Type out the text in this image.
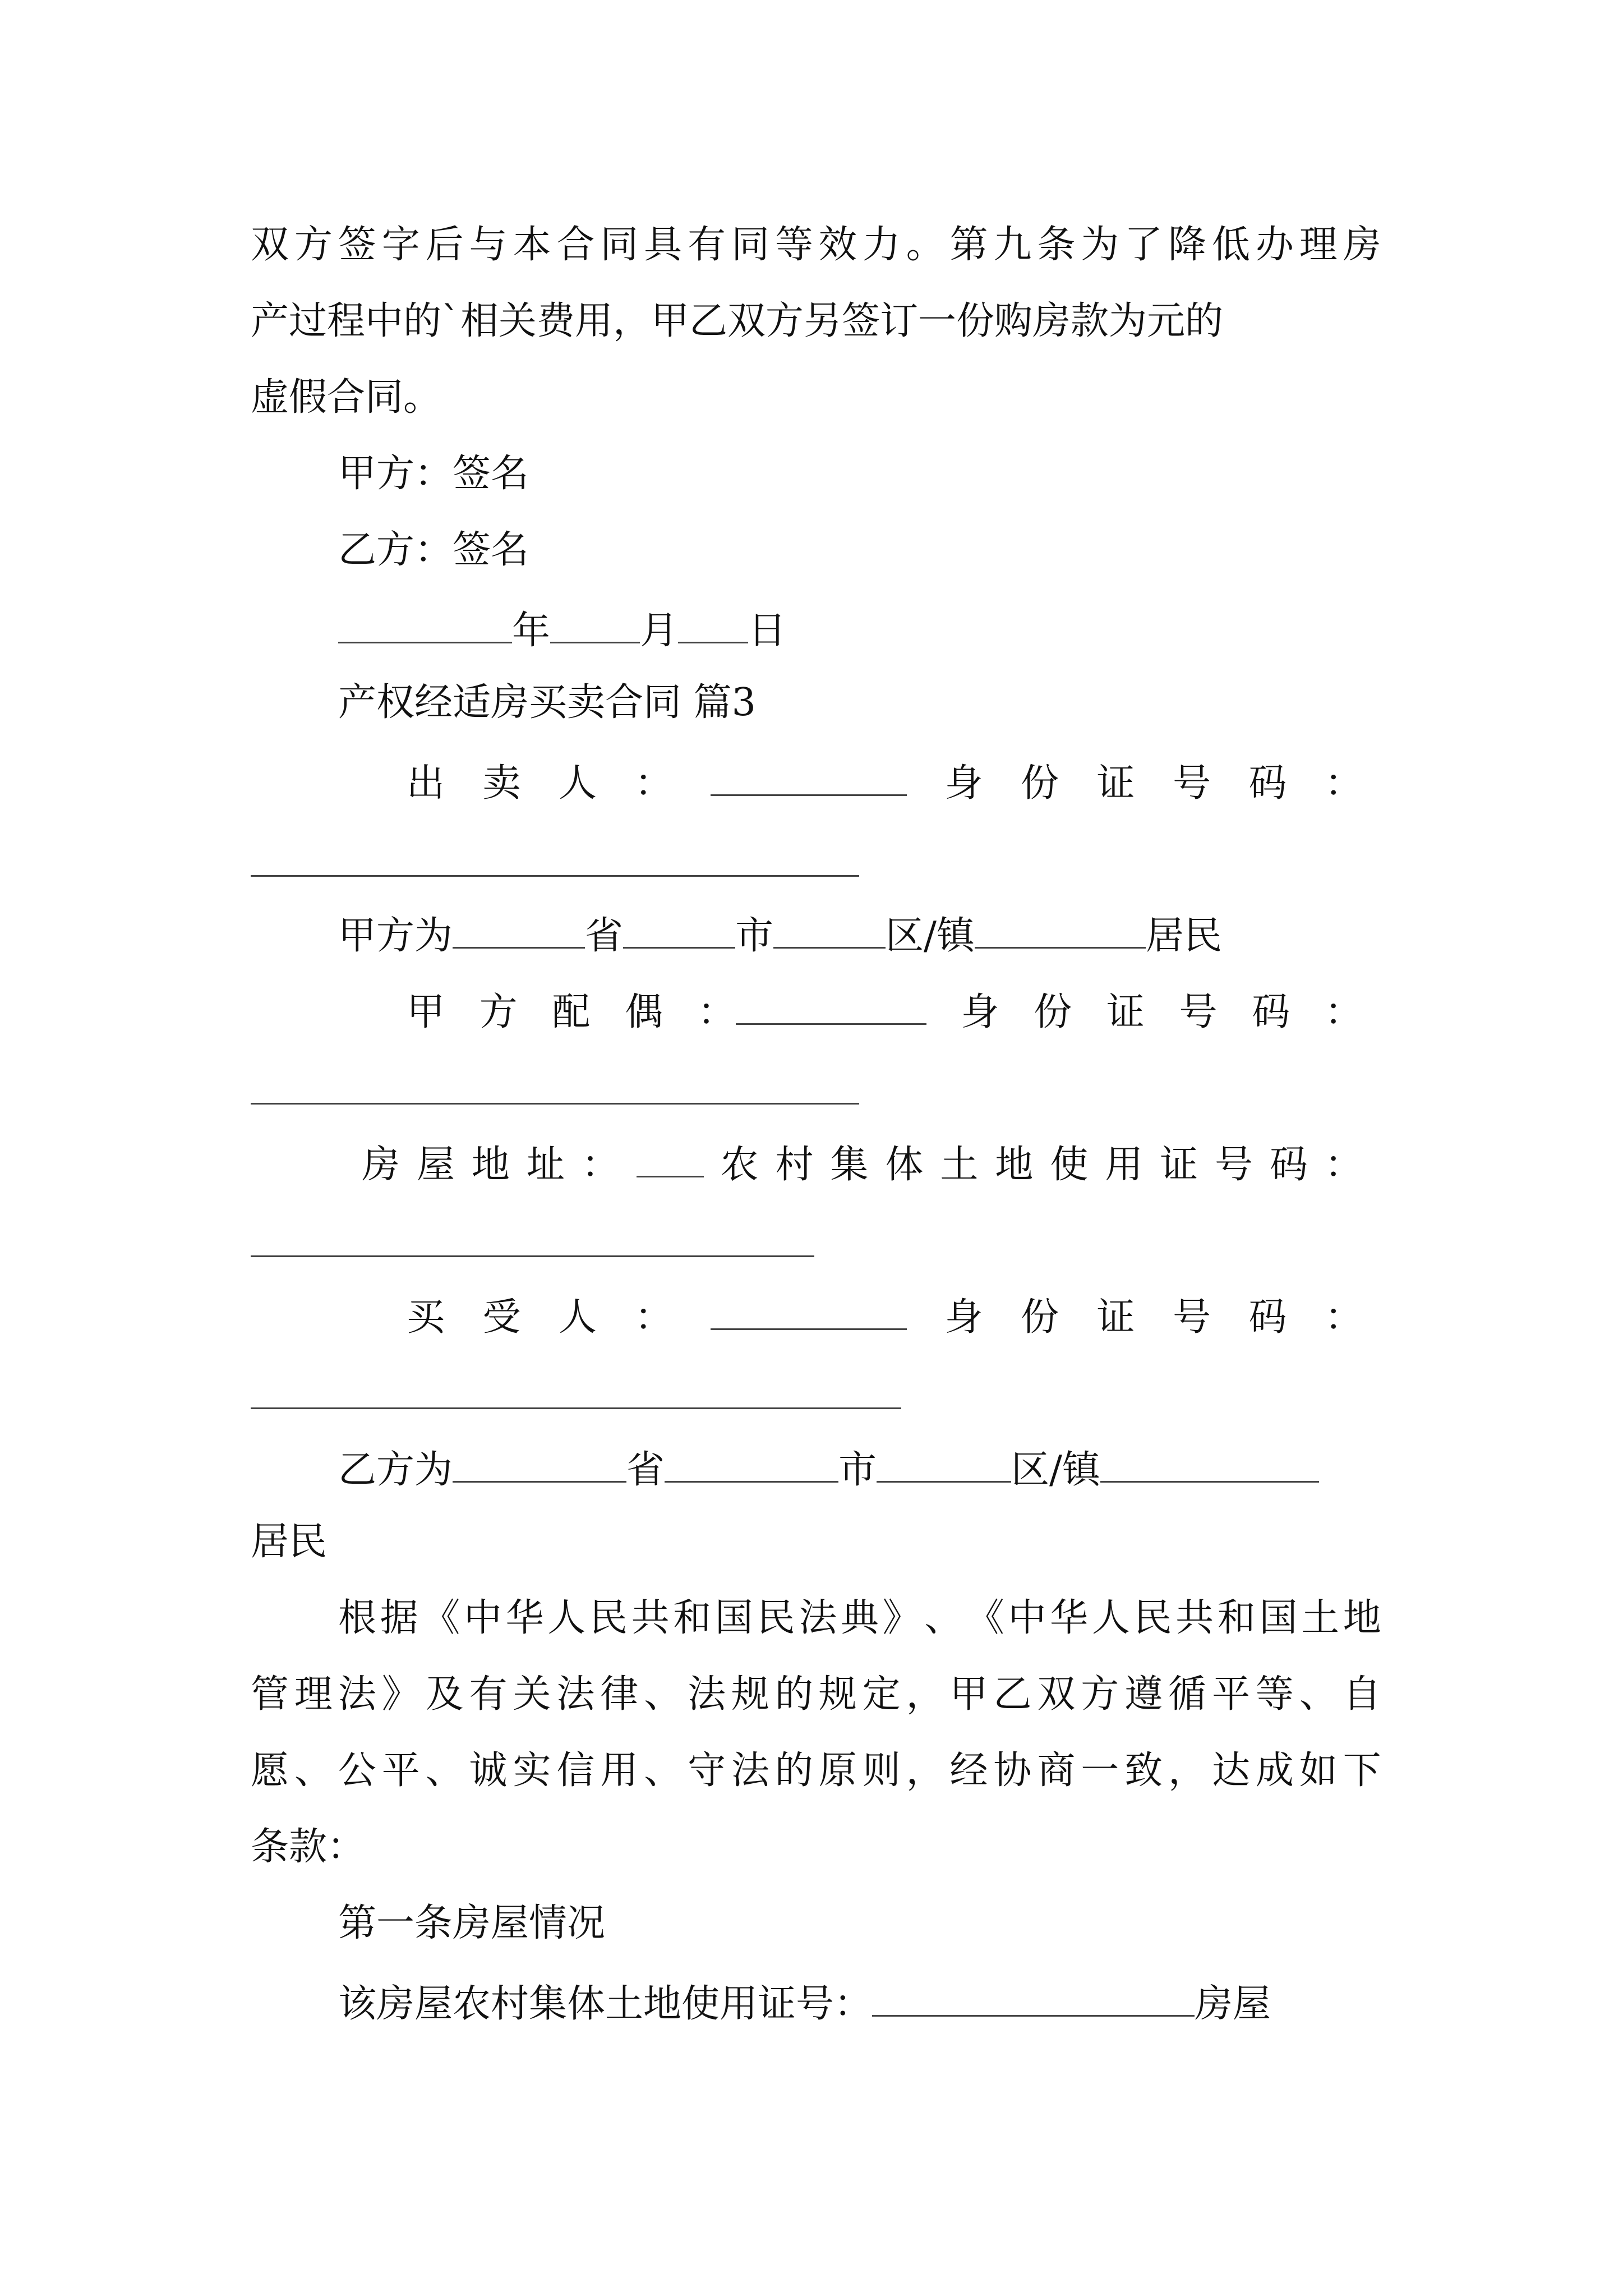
双 方 签 字 后 与 本 合 同 具 有 同 等 效 力 。 第 九 条 为 了 降 低 办 理 房

产过程中的`相关费用，甲乙双方另签订一份购房款为元的

虚假合同。

甲方：签名

乙方：签名

年 月 日

产权经适房买卖合同 篇3

出 卖 人 ：	身 份 证 号 码 ：

甲方为	省	市	区/镇	居民

甲 方 配 偶 ：	身 份 证 号 码 ：
房 屋 地 址 ：	农 村 集 体 土 地 使 用 证 号 码 ：
买 受 人 ：	身 份 证 号 码 ：

乙方为	省	市	区/镇

居民

根 据 《 中 华 人 民 共 和 国 民 法 典 》 、 《 中 华 人 民 共 和 国 土 地

管 理 法 》 及 有 关 法 律 、 法 规 的 规 定 ， 甲 乙 双 方 遵 循 平 等 、 自

愿 、 公 平 、 诚 实 信 用 、 守 法 的 原 则 ， 经 协 商 一 致 ， 达 成 如 下

条款：

第一条房屋情况

该房屋农村集体土地使用证号：	房屋
